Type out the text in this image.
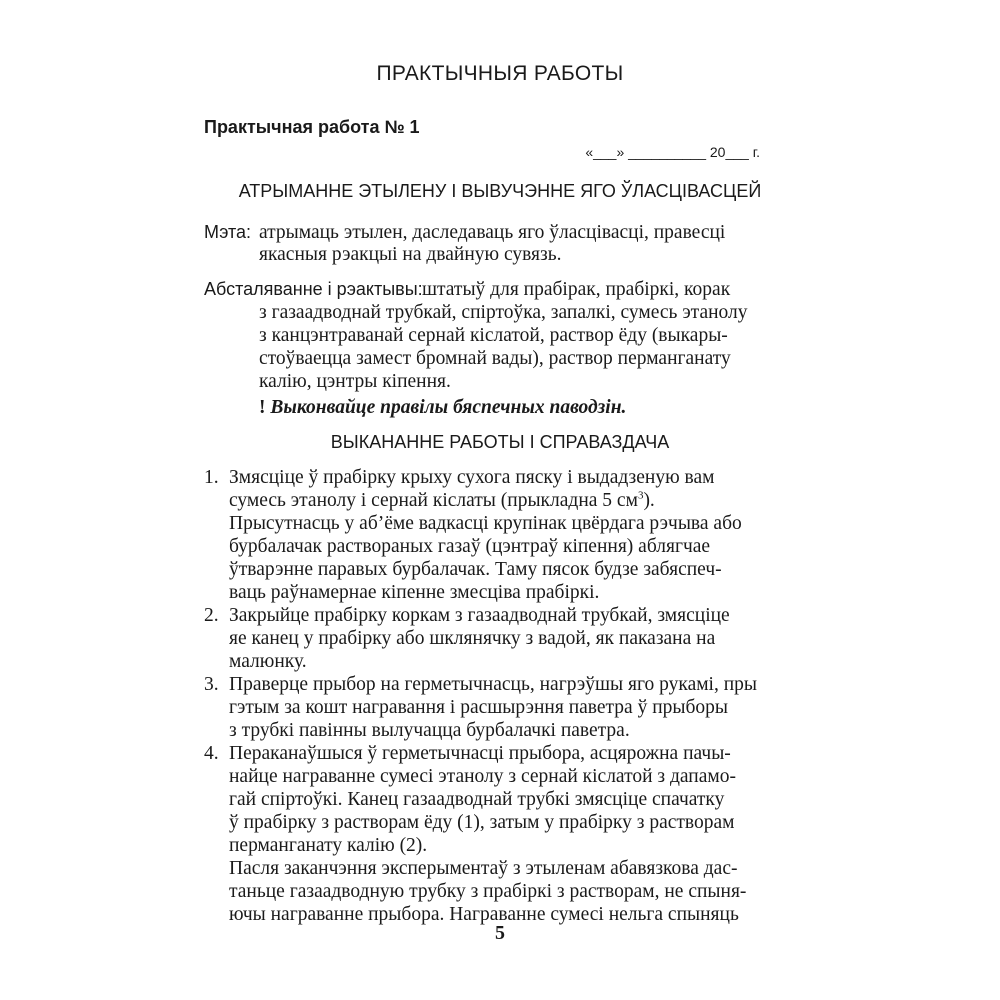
ПРАКТЫЧНЫЯ РАБОТЫ
Практычная работа № 1
«___» __________ 20___ г.
АТРЫМАННЕ ЭТЫЛЕНУ І ВЫВУЧЭННЕ ЯГО ЎЛАСЦІВАСЦЕЙ
Мэта: атрымаць этылен, даследаваць яго ўласцівасці, правесці
якасныя рэакцыі на двайную сувязь.
Абсталяванне і рэактывы: штатыў для прабірак, прабіркі, корак
з газаадводнай трубкай, спіртоўка, запалкі, сумесь этанолу
з канцэнтраванай сернай кіслатой, раствор ёду (выкары-
стоўваецца замест бромнай вады), раствор перманганату
калію, цэнтры кіпення.
! Выконвайце правілы бяспечных паводзін.
ВЫКАНАННЕ РАБОТЫ І СПРАВАЗДАЧА
1. Змясціце ў прабірку крыху сухога пяску і выдадзеную вам
сумесь этанолу і сернай кіслаты (прыкладна 5 $см^3$).
Прысутнасць у аб’ёме вадкасці крупінак цвёрдага рэчыва або
бурбалачак раствораных газаў (цэнтраў кіпення) аблягчае
ўтварэнне паравых бурбалачак. Таму пясок будзе забяспеч-
ваць раўнамернае кіпенне змесціва прабіркі.
2. Закрыйце прабірку коркам з газаадводнай трубкай, змясціце
яе канец у прабірку або шклянячку з вадой, як паказана на
малюнку.
3. Праверце прыбор на герметычнасць, нагрэўшы яго рукамі, пры
гэтым за кошт награвання і расшырэння паветра ў прыборы
з трубкі павінны вылучацца бурбалачкі паветра.
4. Пераканаўшыся ў герметычнасці прыбора, асцярожна пачы-
найце награванне сумесі этанолу з сернай кіслатой з дапамо-
гай спіртоўкі. Канец газаадводнай трубкі змясціце спачатку
ў прабірку з растворам ёду (1), затым у прабірку з растворам
перманганату калію (2).
Пасля заканчэння эксперыментаў з этыленам абавязкова дас-
таньце газаадводную трубку з прабіркі з растворам, не спыня-
ючы награванне прыбора. Награванне сумесі нельга спыняць
5
